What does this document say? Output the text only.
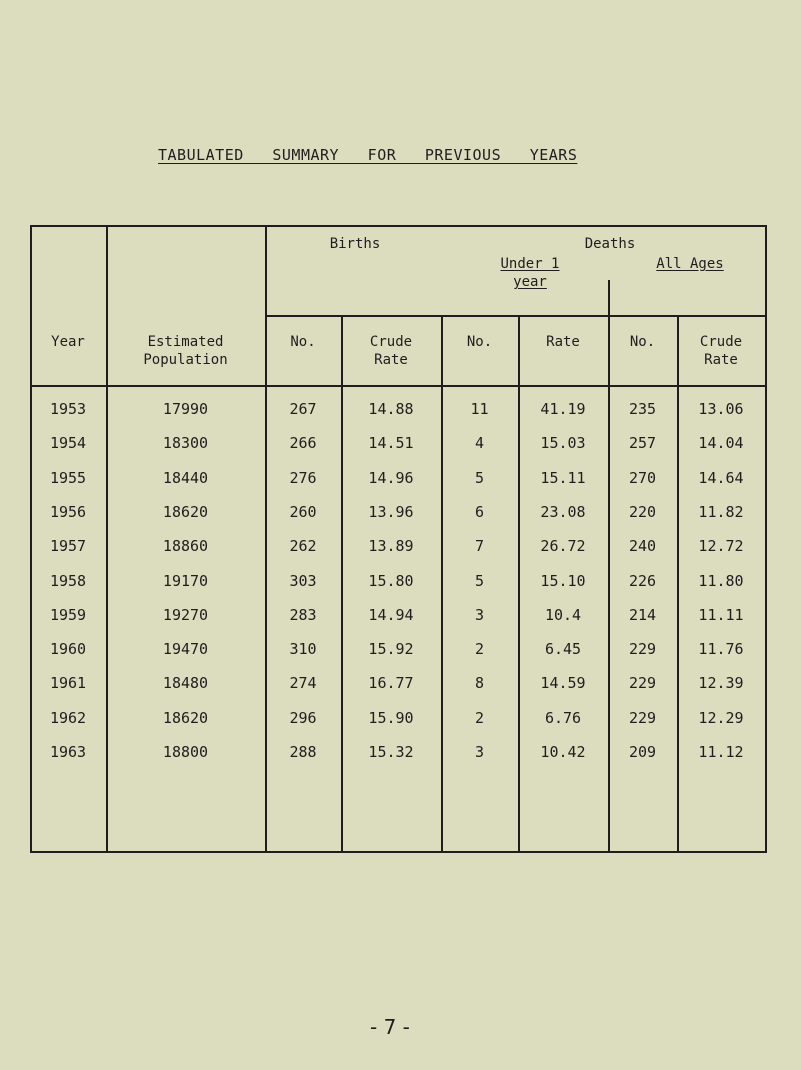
TABULATED   SUMMARY   FOR   PREVIOUS   YEARS
Births	Deaths
Under 1
year
All Ages
Year	Estimated
Population
No.	Crude
Rate
No.	Rate	No.	Crude
Rate
1953	17990	267	14.88	11	41.19	235	13.06
1954	18300	266	14.51	4	15.03	257	14.04
1955	18440	276	14.96	5	15.11	270	14.64
1956	18620	260	13.96	6	23.08	220	11.82
1957	18860	262	13.89	7	26.72	240	12.72
1958	19170	303	15.80	5	15.10	226	11.80
1959	19270	283	14.94	3	10.4	214	11.11
1960	19470	310	15.92	2	6.45	229	11.76
1961	18480	274	16.77	8	14.59	229	12.39
1962	18620	296	15.90	2	6.76	229	12.29
1963	18800	288	15.32	3	10.42	209	11.12
- 7 -
